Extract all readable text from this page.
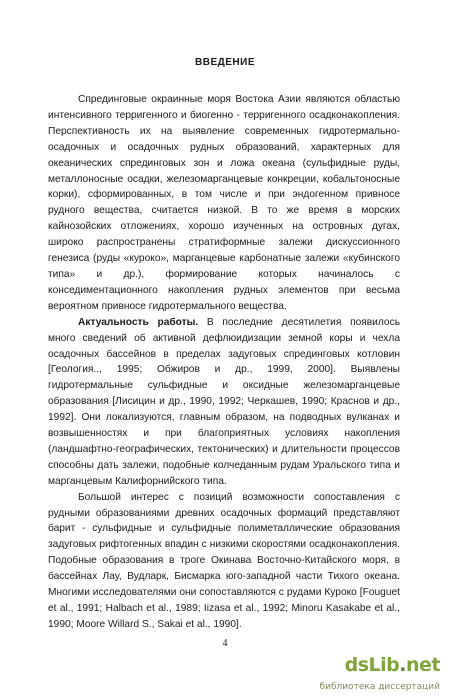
ВВЕДЕНИЕ

Спрединговые окраинные моря Востока Азии являются областью интенсивного терригенного и биогенно - терригенного осадконакопления. Перспективность их на выявление современных гидротермально-осадочных и осадочных рудных образований, характерных для океанических спрединговых зон и ложа океана (сульфидные руды, металлоносные осадки, железомарганцевые конкреции, кобальтоносные корки), сформированных, в том числе и при эндогенном привносе рудного вещества, считается низкой. В то же время в морских кайнозойских отложениях, хорошо изученных на островных дугах, широко распространены стратиформные залежи дискуссионного генезиса (руды «куроко», марганцевые карбонатные залежи «кубинского типа» и др.), формирование которых начиналось с конседиментационного накопления рудных элементов при весьма вероятном привносе гидротермального вещества.

Актуальность работы. В последние десятилетия появилось много сведений об активной дефлюидизации земной коры и чехла осадочных бассейнов в пределах задуговых спрединговых котловин [Геология.., 1995; Обжиров и др., 1999, 2000]. Выявлены гидротермальные сульфидные и оксидные железомарганцевые образования [Лисицин и др., 1990, 1992; Черкашев, 1990; Краснов и др., 1992]. Они локализуются, главным образом, на подводных вулканах и возвышенностях и при благоприятных условиях накопления (ландшафтно-географических, тектонических) и длительности процессов способны дать залежи, подобные колчеданным рудам Уральского типа и марганцевым Калифорнийского типа.

Большой интерес с позиций возможности сопоставления с рудными образованиями древних осадочных формаций представляют барит - сульфидные и сульфидные полиметаллические образования задуговых рифтогенных впадин с низкими скоростями осадконакопления. Подобные образования в троге Окинава Восточно-Китайского моря, в бассейнах Лау, Вудларк, Бисмарка юго-западной части Тихого океана. Многими исследователями они сопоставляются с рудами Куроко [Fouguet et al., 1991; Halbach et al., 1989; Iizasa et al., 1992; Minoru Kasakabe et al., 1990; Moore Willard S., Sakai et al., 1990].

4
dsLib.net
библиотека диссертаций
